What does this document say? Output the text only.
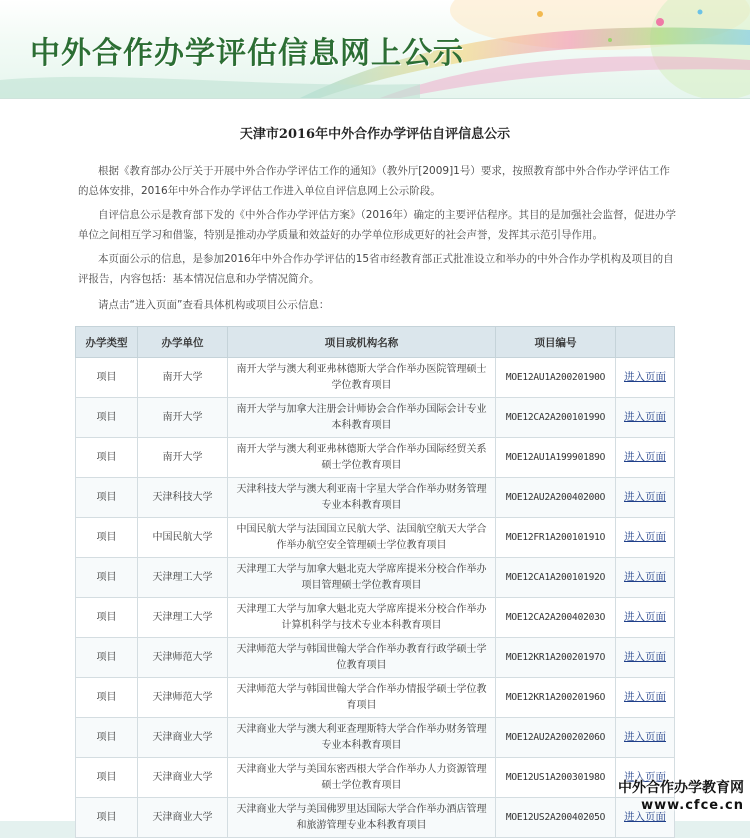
中外合作办学评估信息网上公示
天津市2016年中外合作办学评估自评信息公示
根据《教育部办公厅关于开展中外合作办学评估工作的通知》（教外厅[2009]1号）要求，按照教育部中外合作办学评估工作的总体安排，2016年中外合作办学评估工作进入单位自评信息网上公示阶段。
自评信息公示是教育部下发的《中外合作办学评估方案》（2016年）确定的主要评估程序。其目的是加强社会监督，促进办学单位之间相互学习和借鉴，特别是推动办学质量和效益好的办学单位形成更好的社会声誉，发挥其示范引导作用。
本页面公示的信息，是参加2016年中外合作办学评估的15省市经教育部正式批准设立和举办的中外合作办学机构及项目的自评报告，内容包括：基本情况信息和办学情况简介。
请点击“进入页面”查看具体机构或项目公示信息：
办学类型	办学单位	项目或机构名称	项目编号	
项目	南开大学	南开大学与澳大利亚弗林德斯大学合作举办医院管理硕士学位教育项目	MOE12AU1A20020190O	进入页面
项目	南开大学	南开大学与加拿大注册会计师协会合作举办国际会计专业本科教育项目	MOE12CA2A20010199O	进入页面
项目	南开大学	南开大学与澳大利亚弗林德斯大学合作举办国际经贸关系硕士学位教育项目	MOE12AU1A19990189O	进入页面
项目	天津科技大学	天津科技大学与澳大利亚南十字星大学合作举办财务管理专业本科教育项目	MOE12AU2A20040200O	进入页面
项目	中国民航大学	中国民航大学与法国国立民航大学、法国航空航天大学合作举办航空安全管理硕士学位教育项目	MOE12FR1A20010191O	进入页面
项目	天津理工大学	天津理工大学与加拿大魁北克大学席库提米分校合作举办项目管理硕士学位教育项目	MOE12CA1A20010192O	进入页面
项目	天津理工大学	天津理工大学与加拿大魁北克大学席库提米分校合作举办计算机科学与技术专业本科教育项目	MOE12CA2A20040203O	进入页面
项目	天津师范大学	天津师范大学与韩国世翰大学合作举办教育行政学硕士学位教育项目	MOE12KR1A20020197O	进入页面
项目	天津师范大学	天津师范大学与韩国世翰大学合作举办情报学硕士学位教育项目	MOE12KR1A20020196O	进入页面
项目	天津商业大学	天津商业大学与澳大利亚查理斯特大学合作举办财务管理专业本科教育项目	MOE12AU2A20020206O	进入页面
项目	天津商业大学	天津商业大学与美国东密西根大学合作举办人力资源管理硕士学位教育项目	MOE12US1A20030198O	进入页面
项目	天津商业大学	天津商业大学与美国佛罗里达国际大学合作举办酒店管理和旅游管理专业本科教育项目	MOE12US2A20040205O	进入页面
中外合作办学教育网
www.cfce.cn
